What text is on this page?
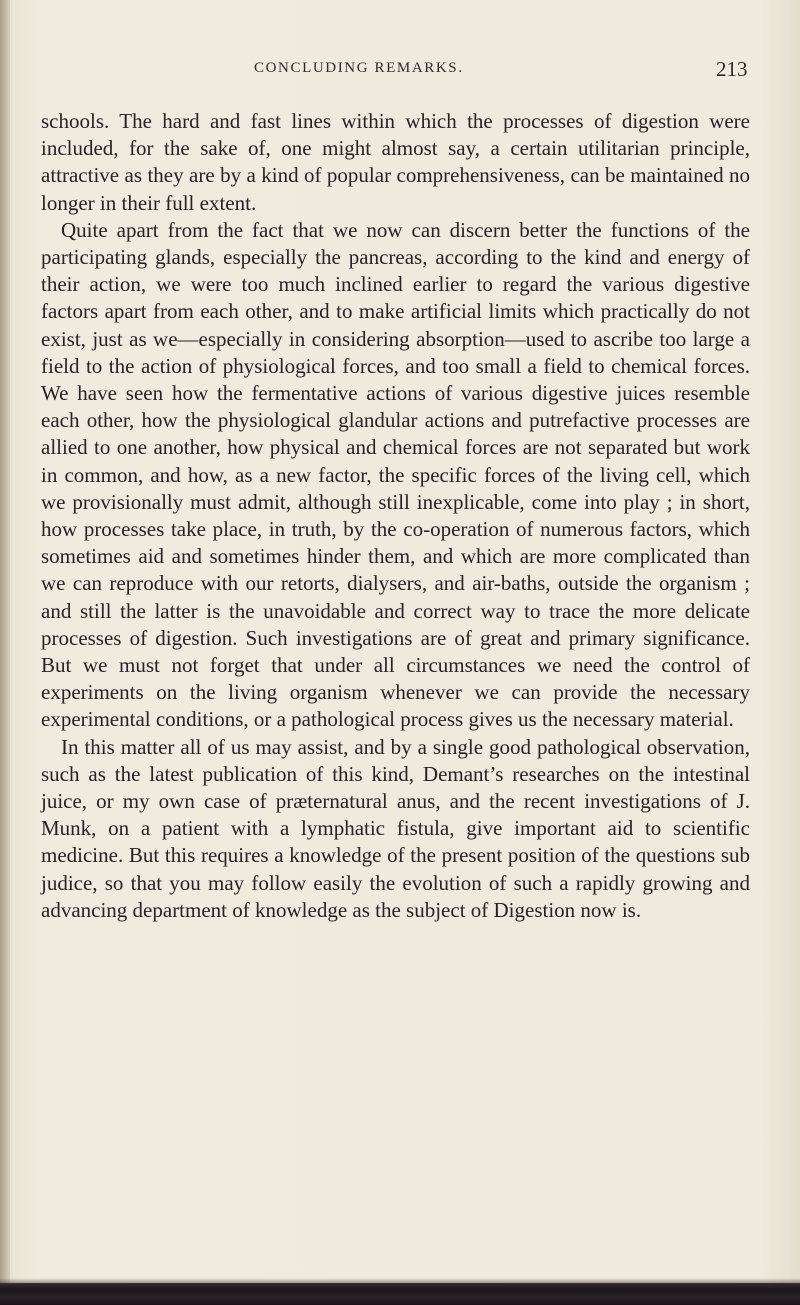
CONCLUDING REMARKS.	213

schools. The hard and fast lines within which the processes of digestion were included, for the sake of, one might almost say, a certain utilitarian principle, attractive as they are by a kind of popular comprehensiveness, can be maintained no longer in their full extent.

Quite apart from the fact that we now can discern better the functions of the participating glands, especially the pancreas, according to the kind and energy of their action, we were too much inclined earlier to regard the various digestive factors apart from each other, and to make artificial limits which practically do not exist, just as we—especially in considering absorption—used to ascribe too large a field to the action of physiological forces, and too small a field to chemical forces. We have seen how the fermentative actions of various digestive juices resemble each other, how the physiological glandular actions and putrefactive processes are allied to one another, how physical and chemical forces are not separated but work in common, and how, as a new factor, the specific forces of the living cell, which we provisionally must admit, although still inexplicable, come into play ; in short, how processes take place, in truth, by the co-operation of numerous factors, which sometimes aid and sometimes hinder them, and which are more complicated than we can reproduce with our retorts, dialysers, and air-baths, outside the organism ; and still the latter is the unavoidable and correct way to trace the more delicate processes of digestion. Such investigations are of great and primary significance. But we must not forget that under all circumstances we need the control of experiments on the living organism whenever we can provide the necessary experimental conditions, or a pathological process gives us the necessary material.

In this matter all of us may assist, and by a single good pathological observation, such as the latest publication of this kind, Demant’s researches on the intestinal juice, or my own case of præternatural anus, and the recent investigations of J. Munk, on a patient with a lymphatic fistula, give important aid to scientific medicine. But this requires a knowledge of the present position of the questions sub judice, so that you may follow easily the evolution of such a rapidly growing and advancing department of knowledge as the subject of Digestion now is.
